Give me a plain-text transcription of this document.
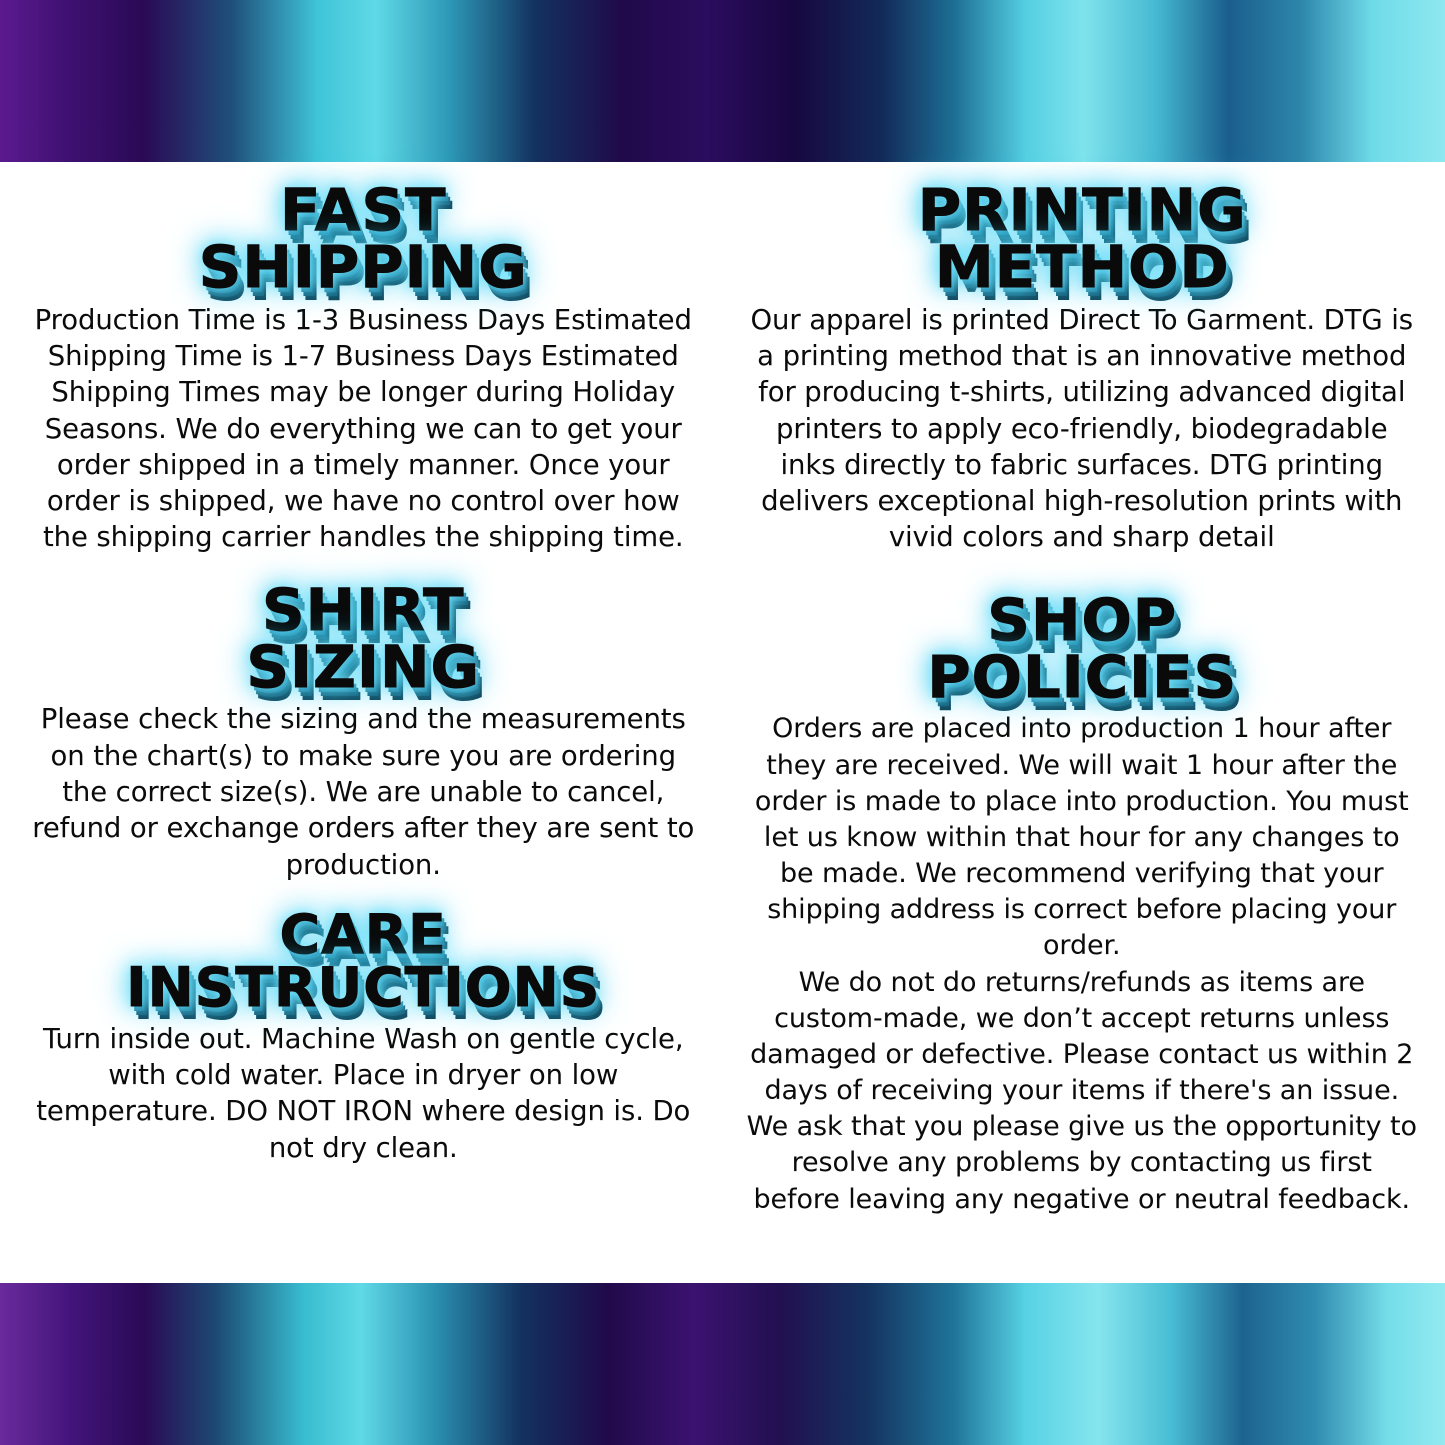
FAST
SHIPPING
Production Time is 1-3 Business Days Estimated Shipping Time is 1-7 Business Days Estimated Shipping Times may be longer during Holiday Seasons. We do everything we can to get your order shipped in a timely manner. Once your order is shipped, we have no control over how the shipping carrier handles the shipping time.
SHIRT
SIZING
Please check the sizing and the measurements on the chart(s) to make sure you are ordering the correct size(s). We are unable to cancel, refund or exchange orders after they are sent to production.
CARE
INSTRUCTIONS
Turn inside out. Machine Wash on gentle cycle, with cold water. Place in dryer on low temperature. DO NOT IRON where design is. Do not dry clean.
PRINTING
METHOD
Our apparel is printed Direct To Garment. DTG is a printing method that is an innovative method for producing t-shirts, utilizing advanced digital printers to apply eco-friendly, biodegradable inks directly to fabric surfaces. DTG printing delivers exceptional high-resolution prints with vivid colors and sharp detail
SHOP
POLICIES

Orders are placed into production 1 hour after they are received. We will wait 1 hour after the order is made to place into production. You must let us know within that hour for any changes to be made. We recommend verifying that your shipping address is correct before placing your order.

We do not do returns/refunds as items are custom-made, we don’t accept returns unless damaged or defective. Please contact us within 2 days of receiving your items if there's an issue.

We ask that you please give us the opportunity to resolve any problems by contacting us first before leaving any negative or neutral feedback.
